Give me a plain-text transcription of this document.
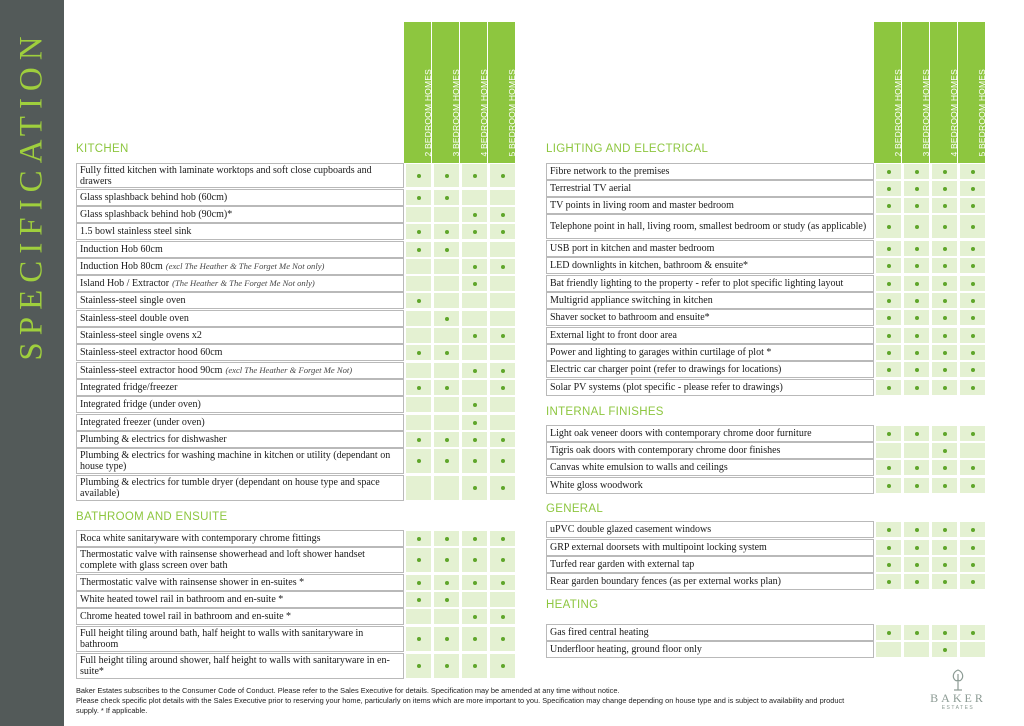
SPECIFICATION	2 BEDROOM HOMES 3 BEDROOM HOMES 4 BEDROOM HOMES 5 BEDROOM HOMES	2 BEDROOM HOMES 3 BEDROOM HOMES 4 BEDROOM HOMES 5 BEDROOM HOMES
KITCHEN
Fully fitted kitchen with laminate worktops and soft close cupboards and drawers
Glass splashback behind hob (60cm)
Glass splashback behind hob (90cm)*
1.5 bowl stainless steel sink
Induction Hob 60cm
Induction Hob 80cm (excl The Heather & The Forget Me Not only)
Island Hob / Extractor (The Heather & The Forget Me Not only)
Stainless-steel single oven
Stainless-steel double oven
Stainless-steel single ovens x2
Stainless-steel extractor hood 60cm
Stainless-steel extractor hood 90cm (excl The Heather & Forget Me Not)
Integrated fridge/freezer
Integrated fridge (under oven)
Integrated freezer (under oven)
Plumbing & electrics for dishwasher
Plumbing & electrics for washing machine in kitchen or utility (dependant on house type)
Plumbing & electrics for tumble dryer (dependant on house type and space available)
BATHROOM AND ENSUITE
Roca white sanitaryware with contemporary chrome fittings
Thermostatic valve with rainsense showerhead and loft shower handset complete with glass screen over bath
Thermostatic valve with rainsense shower in en-suites *
White heated towel rail in bathroom and en-suite *
Chrome heated towel rail in bathroom and en-suite *
Full height tiling around bath, half height to walls with sanitaryware in bathroom
Full height tiling around shower, half height to walls with sanitaryware in en-suite*
LIGHTING AND ELECTRICAL
Fibre network to the premises
Terrestrial TV aerial
TV points in living room and master bedroom
Telephone point in hall, living room, smallest bedroom or study (as applicable)
USB port in kitchen and master bedroom
LED downlights in kitchen, bathroom & ensuite*
Bat friendly lighting to the property - refer to plot specific lighting layout
Multigrid appliance switching in kitchen
Shaver socket to bathroom and ensuite*
External light to front door area
Power and lighting to garages within curtilage of plot *
Electric car charger point (refer to drawings for locations)
Solar PV systems (plot specific - please refer to drawings)
INTERNAL FINISHES
Light oak veneer doors with contemporary chrome door furniture
Tigris oak doors with contemporary chrome door finishes
Canvas white emulsion to walls and ceilings
White gloss woodwork
GENERAL
uPVC double glazed casement windows
GRP external doorsets with multipoint locking system
Turfed rear garden with external tap
Rear garden boundary fences (as per external works plan)
HEATING
Gas fired central heating
Underfloor heating, ground floor only

Baker Estates subscribes to the Consumer Code of Conduct. Please refer to the Sales Executive for details. Specification may be amended at any time without notice.

Please check specific plot details with the Sales Executive prior to reserving your home, particularly on items which are more important to you. Specification may change depending on house type and is subject to availability and product supply. * If applicable.

BAKER
ESTATES
